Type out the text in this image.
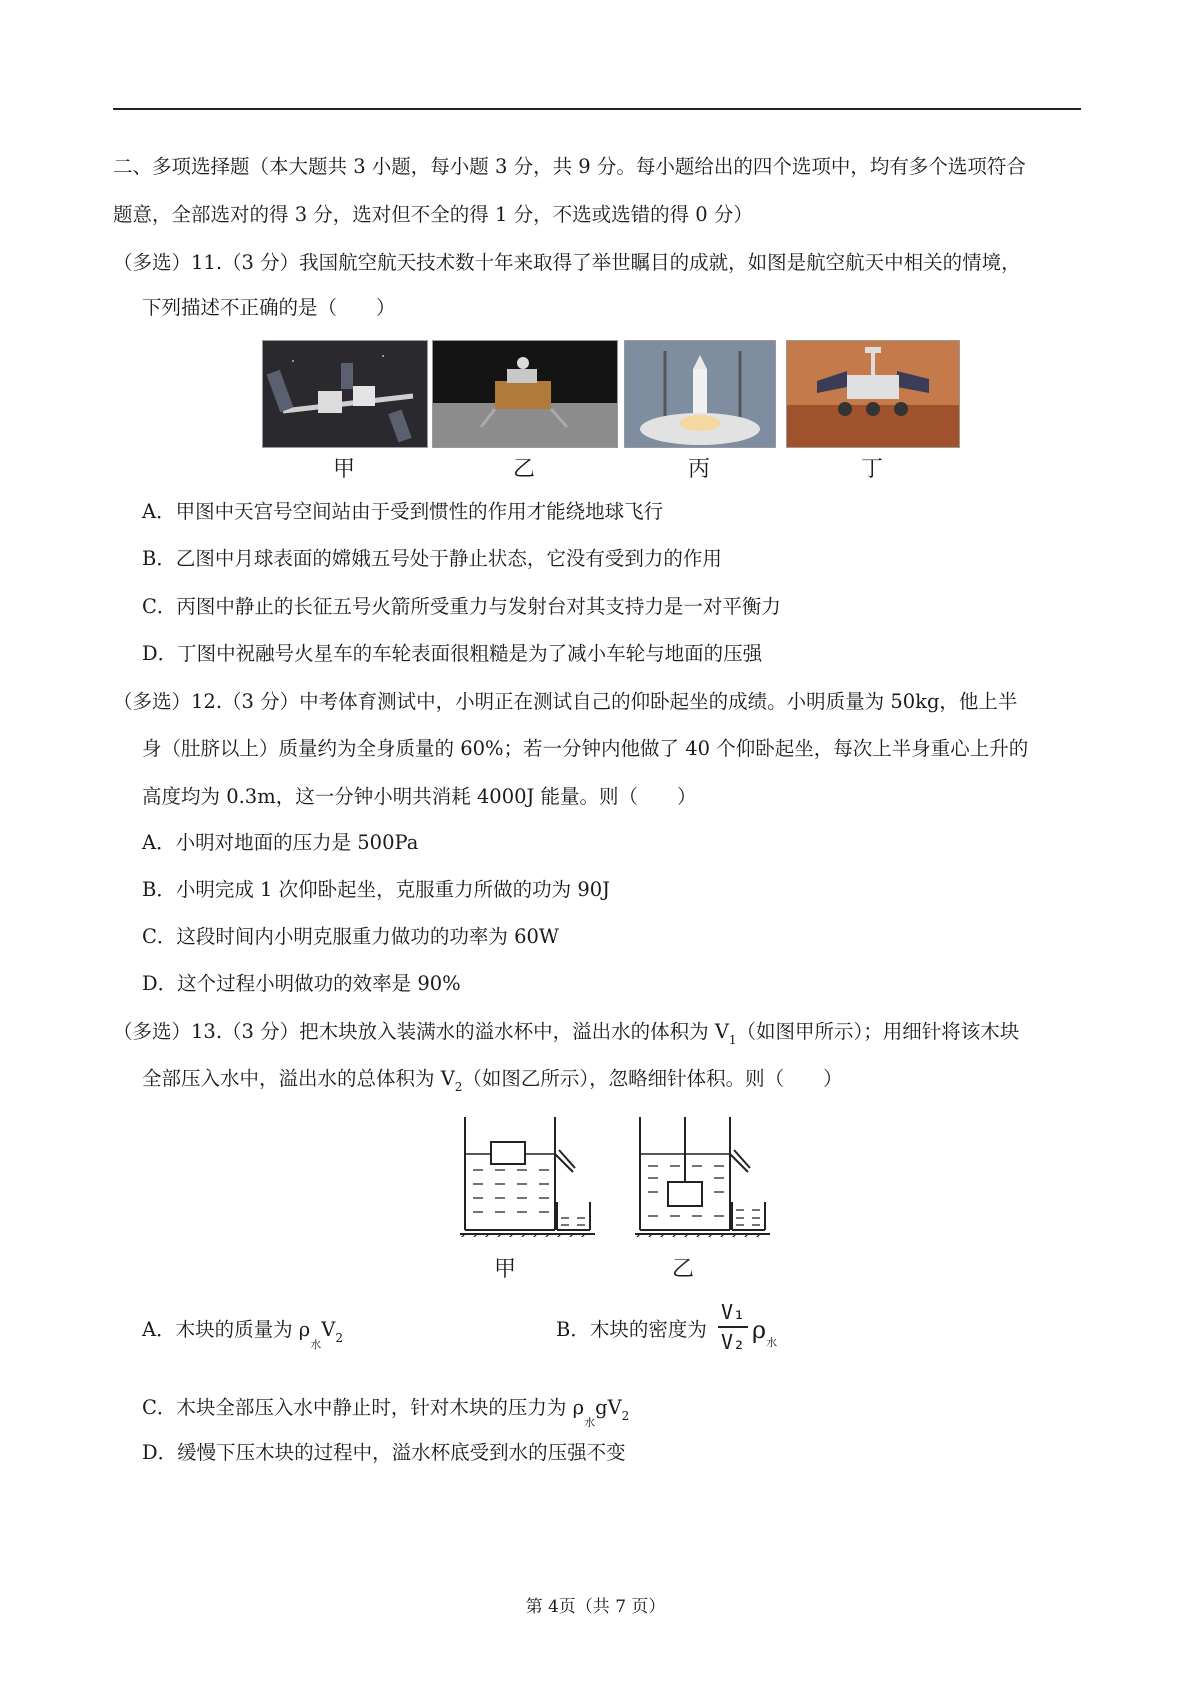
二、多项选择题（本大题共 3 小题，每小题 3 分，共 9 分。每小题给出的四个选项中，均有多个选项符合
题意，全部选对的得 3 分，选对但不全的得 1 分，不选或选错的得 0 分）
（多选）11.（3 分）我国航空航天技术数十年来取得了举世瞩目的成就，如图是航空航天中相关的情境，
下列描述不正确的是（　　）
甲	乙	丙	丁
A．甲图中天宫号空间站由于受到惯性的作用才能绕地球飞行
B．乙图中月球表面的嫦娥五号处于静止状态，它没有受到力的作用
C．丙图中静止的长征五号火箭所受重力与发射台对其支持力是一对平衡力
D．丁图中祝融号火星车的车轮表面很粗糙是为了减小车轮与地面的压强
（多选）12.（3 分）中考体育测试中，小明正在测试自己的仰卧起坐的成绩。小明质量为 50kg，他上半
身（肚脐以上）质量约为全身质量的 60%；若一分钟内他做了 40 个仰卧起坐，每次上半身重心上升的
高度均为 0.3m，这一分钟小明共消耗 4000J 能量。则（　　）
A．小明对地面的压力是 500Pa
B．小明完成 1 次仰卧起坐，克服重力所做的功为 90J
C．这段时间内小明克服重力做功的功率为 60W
D．这个过程小明做功的效率是 90%
（多选）13.（3 分）把木块放入装满水的溢水杯中，溢出水的体积为 $V_1$（如图甲所示）；用细针将该木块
全部压入水中，溢出水的总体积为 $V_2$（如图乙所示），忽略细针体积。则（　　）
甲	乙
A．木块的质量为 $\rho_水V_2$	B．木块的密度为
V₁
V₂ $\rho_水$
C．木块全部压入水中静止时，针对木块的压力为 $\rho_水gV_2$
D．缓慢下压木块的过程中，溢水杯底受到水的压强不变
第 4页（共 7 页）
